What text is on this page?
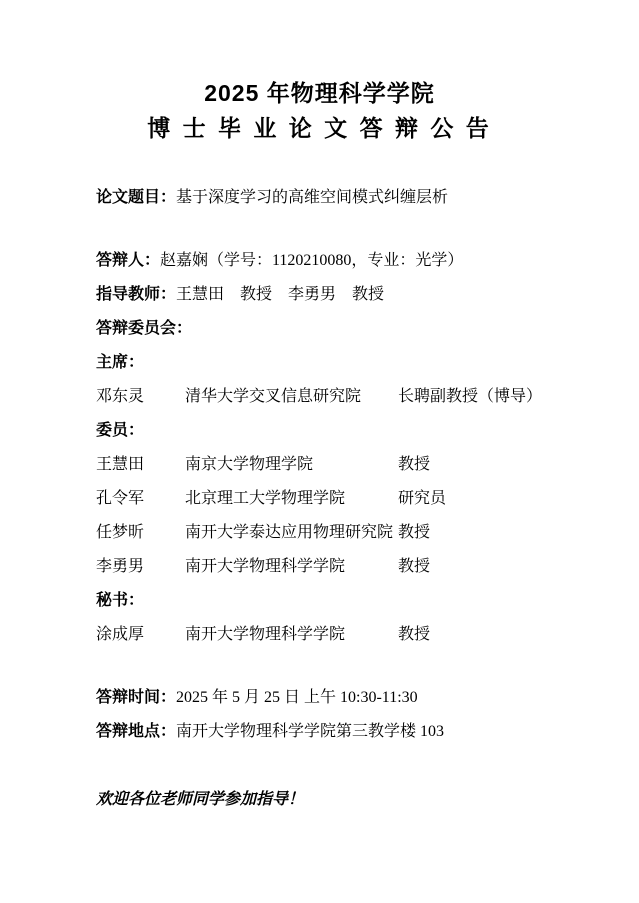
2025 年物理科学学院
博 士 毕 业 论 文 答 辩 公 告

论文题目：基于深度学习的高维空间模式纠缠层析

答辩人：赵嘉娴（学号：1120210080，专业：光学）

指导教师：王慧田　教授　李勇男　教授

答辩委员会：

主席：

邓东灵	清华大学交叉信息研究院	长聘副教授（博导）

委员：

王慧田	南京大学物理学院	教授
孔令军	北京理工大学物理学院	研究员
任梦昕	南开大学泰达应用物理研究院 教授
李勇男	南开大学物理科学学院	教授

秘书：

涂成厚	南开大学物理科学学院	教授

答辩时间：2025 年 5 月 25 日 上午 10:30-11:30

答辩地点：南开大学物理科学学院第三教学楼 103

欢迎各位老师同学参加指导！
